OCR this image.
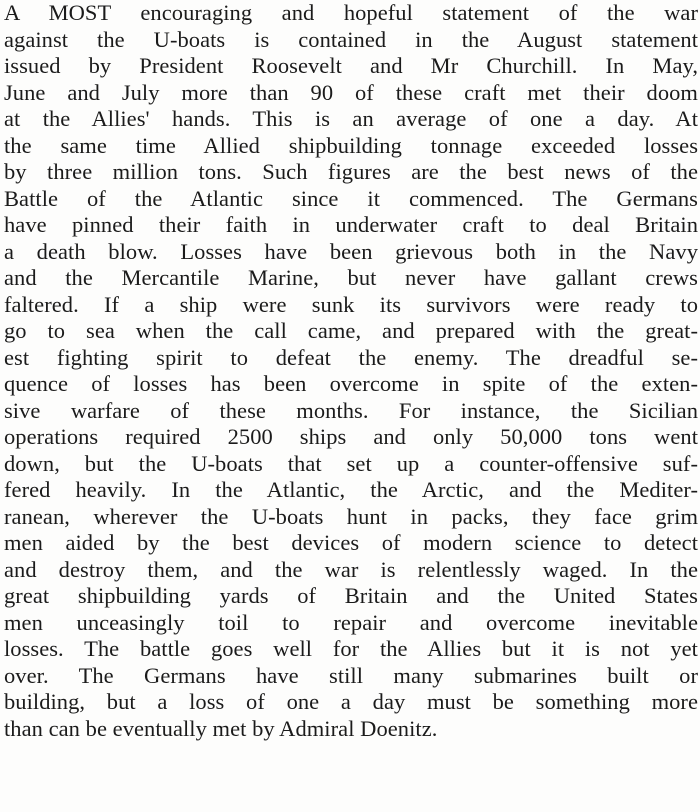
A MOST encouraging and hopeful statement of the war
against the U-boats is contained in the August statement
issued by President Roosevelt and Mr Churchill. In May,
June and July more than 90 of these craft met their doom
at the Allies' hands. This is an average of one a day. At
the same time Allied shipbuilding tonnage exceeded losses
by three million tons. Such figures are the best news of the
Battle of the Atlantic since it commenced. The Germans
have pinned their faith in underwater craft to deal Britain
a death blow. Losses have been grievous both in the Navy
and the Mercantile Marine, but never have gallant crews
faltered. If a ship were sunk its survivors were ready to
go to sea when the call came, and prepared with the great-
est fighting spirit to defeat the enemy. The dreadful se-
quence of losses has been overcome in spite of the exten-
sive warfare of these months. For instance, the Sicilian
operations required 2500 ships and only 50,000 tons went
down, but the U-boats that set up a counter-offensive suf-
fered heavily. In the Atlantic, the Arctic, and the Mediter-
ranean, wherever the U-boats hunt in packs, they face grim
men aided by the best devices of modern science to detect
and destroy them, and the war is relentlessly waged. In the
great shipbuilding yards of Britain and the United States
men unceasingly toil to repair and overcome inevitable
losses. The battle goes well for the Allies but it is not yet
over. The Germans have still many submarines built or
building, but a loss of one a day must be something more
than can be eventually met by Admiral Doenitz.
